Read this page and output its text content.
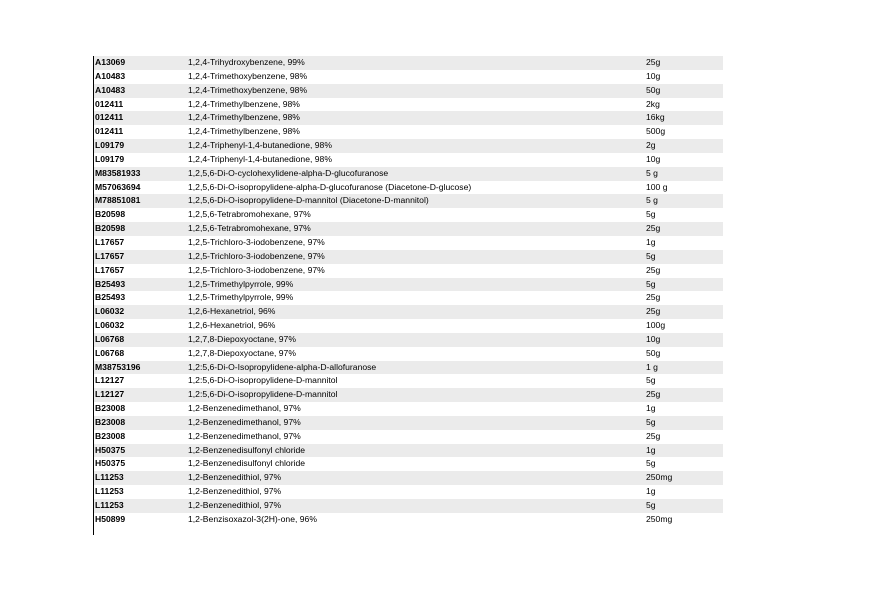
A13069	1,2,4-Trihydroxybenzene, 99%	25g
A10483	1,2,4-Trimethoxybenzene, 98%	10g
A10483	1,2,4-Trimethoxybenzene, 98%	50g
012411	1,2,4-Trimethylbenzene, 98%	2kg
012411	1,2,4-Trimethylbenzene, 98%	16kg
012411	1,2,4-Trimethylbenzene, 98%	500g
L09179	1,2,4-Triphenyl-1,4-butanedione, 98%	2g
L09179	1,2,4-Triphenyl-1,4-butanedione, 98%	10g
M83581933	1,2,5,6-Di-O-cyclohexylidene-alpha-D-glucofuranose	5 g
M57063694	1,2,5,6-Di-O-isopropylidene-alpha-D-glucofuranose (Diacetone-D-glucose)	100 g
M78851081	1,2,5,6-Di-O-isopropylidene-D-mannitol (Diacetone-D-mannitol)	5 g
B20598	1,2,5,6-Tetrabromohexane, 97%	5g
B20598	1,2,5,6-Tetrabromohexane, 97%	25g
L17657	1,2,5-Trichloro-3-iodobenzene, 97%	1g
L17657	1,2,5-Trichloro-3-iodobenzene, 97%	5g
L17657	1,2,5-Trichloro-3-iodobenzene, 97%	25g
B25493	1,2,5-Trimethylpyrrole, 99%	5g
B25493	1,2,5-Trimethylpyrrole, 99%	25g
L06032	1,2,6-Hexanetriol, 96%	25g
L06032	1,2,6-Hexanetriol, 96%	100g
L06768	1,2,7,8-Diepoxyoctane, 97%	10g
L06768	1,2,7,8-Diepoxyoctane, 97%	50g
M38753196	1,2:5,6-Di-O-Isopropylidene-alpha-D-allofuranose	1 g
L12127	1,2:5,6-Di-O-isopropylidene-D-mannitol	5g
L12127	1,2:5,6-Di-O-isopropylidene-D-mannitol	25g
B23008	1,2-Benzenedimethanol, 97%	1g
B23008	1,2-Benzenedimethanol, 97%	5g
B23008	1,2-Benzenedimethanol, 97%	25g
H50375	1,2-Benzenedisulfonyl chloride	1g
H50375	1,2-Benzenedisulfonyl chloride	5g
L11253	1,2-Benzenedithiol, 97%	250mg
L11253	1,2-Benzenedithiol, 97%	1g
L11253	1,2-Benzenedithiol, 97%	5g
H50899	1,2-Benzisoxazol-3(2H)-one, 96%	250mg
